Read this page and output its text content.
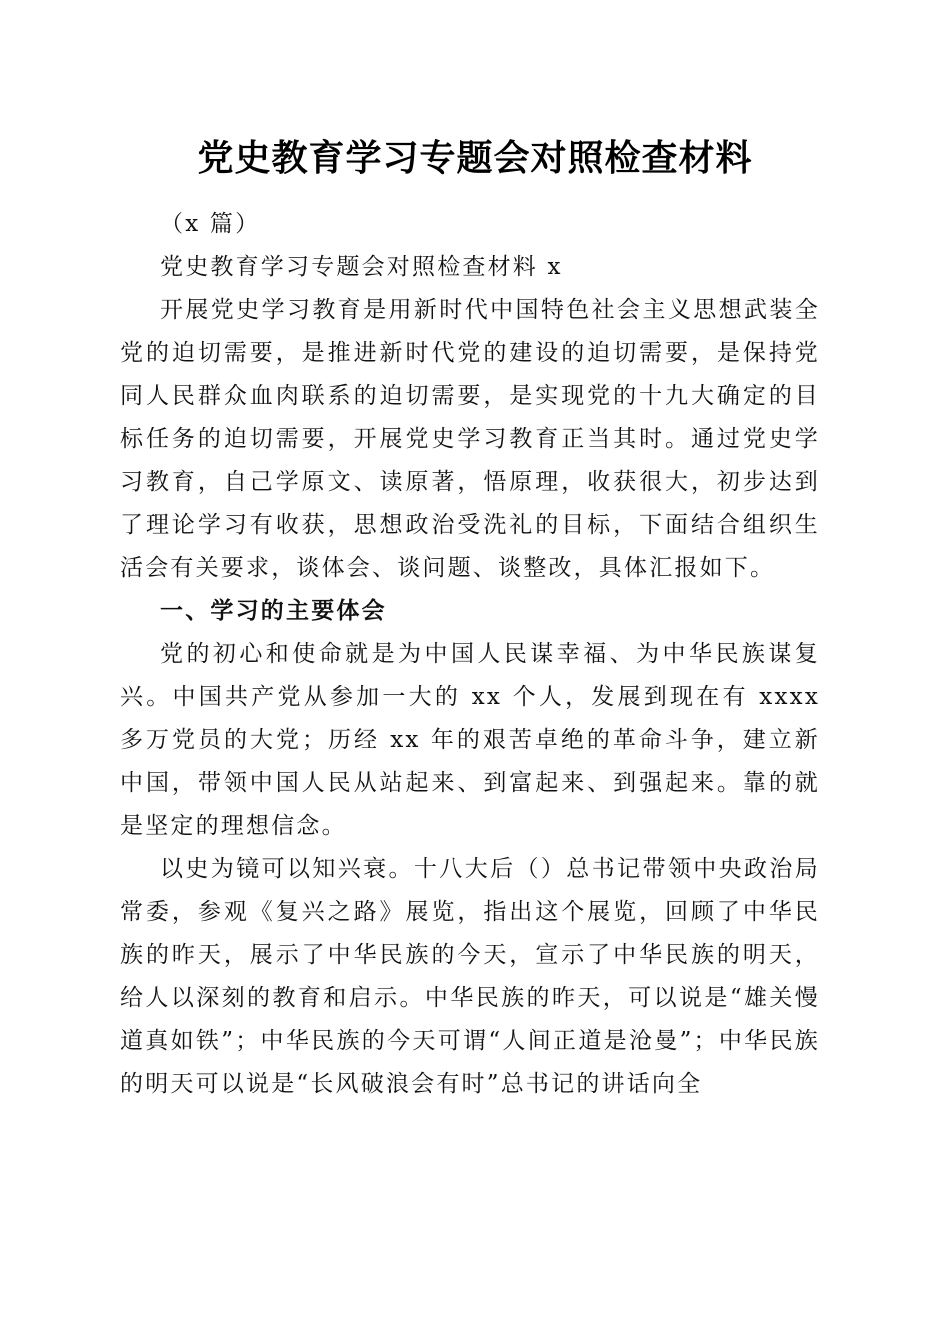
党史教育学习专题会对照检查材料

（x 篇）

党史教育学习专题会对照检查材料 x

开展党史学习教育是用新时代中国特色社会主义思想武装全党的迫切需要，是推进新时代党的建设的迫切需要，是保持党同人民群众血肉联系的迫切需要，是实现党的十九大确定的目标任务的迫切需要，开展党史学习教育正当其时。通过党史学习教育，自己学原文、读原著，悟原理，收获很大，初步达到了理论学习有收获，思想政治受洗礼的目标，下面结合组织生活会有关要求，谈体会、谈问题、谈整改，具体汇报如下。

一、学习的主要体会

党的初心和使命就是为中国人民谋幸福、为中华民族谋复兴。中国共产党从参加一大的 xx 个人，发展到现在有 xxxx 多万党员的大党；历经 xx 年的艰苦卓绝的革命斗争，建立新中国，带领中国人民从站起来、到富起来、到强起来。靠的就是坚定的理想信念。

以史为镜可以知兴衰。十八大后（）总书记带领中央政治局常委，参观《复兴之路》展览，指出这个展览，回顾了中华民族的昨天，展示了中华民族的今天，宣示了中华民族的明天，给人以深刻的教育和启示。中华民族的昨天，可以说是“雄关慢道真如铁”；中华民族的今天可谓“人间正道是沧曼”；中华民族的明天可以说是“长风破浪会有时”总书记的讲话向全
